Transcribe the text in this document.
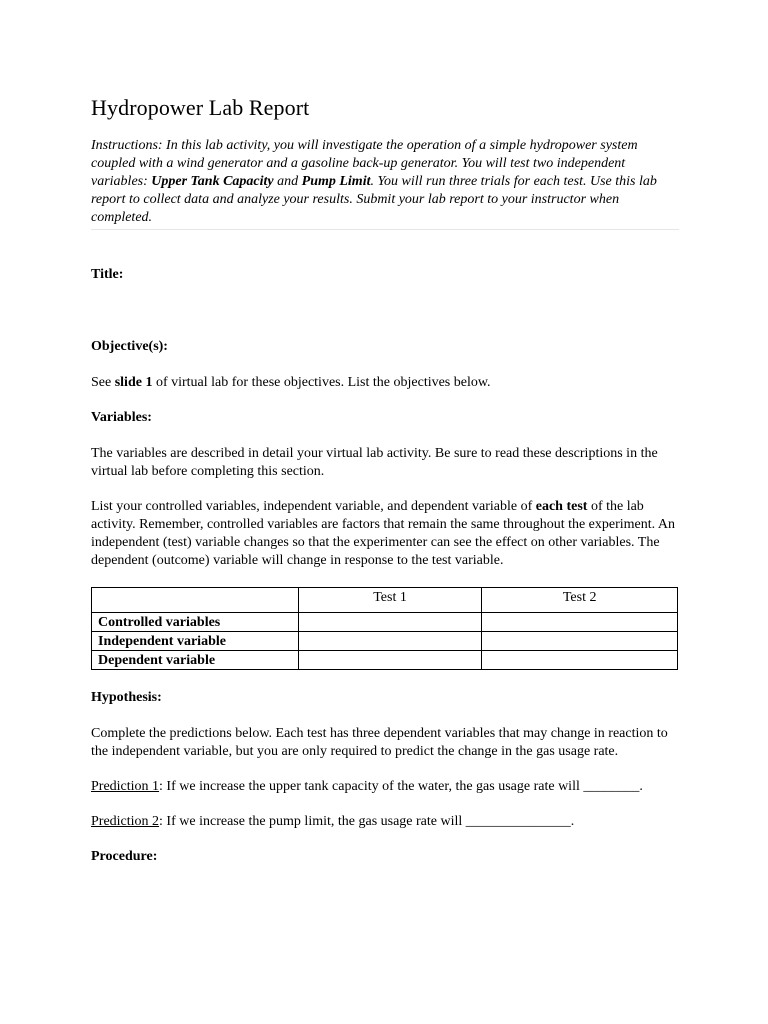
Hydropower Lab Report
Instructions: In this lab activity, you will investigate the operation of a simple hydropower system coupled with a wind generator and a gasoline back-up generator. You will test two independent variables: Upper Tank Capacity and Pump Limit. You will run three trials for each test. Use this lab report to collect data and analyze your results. Submit your lab report to your instructor when completed.

Title:

Objective(s):

See slide 1 of virtual lab for these objectives. List the objectives below.

Variables:

The variables are described in detail your virtual lab activity. Be sure to read these descriptions in the virtual lab before completing this section.

List your controlled variables, independent variable, and dependent variable of each test of the lab activity. Remember, controlled variables are factors that remain the same throughout the experiment. An independent (test) variable changes so that the experimenter can see the effect on other variables. The dependent (outcome) variable will change in response to the test variable.

	Test 1	Test 2
Controlled variables		
Independent variable		
Dependent variable		

Hypothesis:

Complete the predictions below. Each test has three dependent variables that may change in reaction to the independent variable, but you are only required to predict the change in the gas usage rate.

Prediction 1: If we increase the upper tank capacity of the water, the gas usage rate will ________.

Prediction 2: If we increase the pump limit, the gas usage rate will _______________.

Procedure:
